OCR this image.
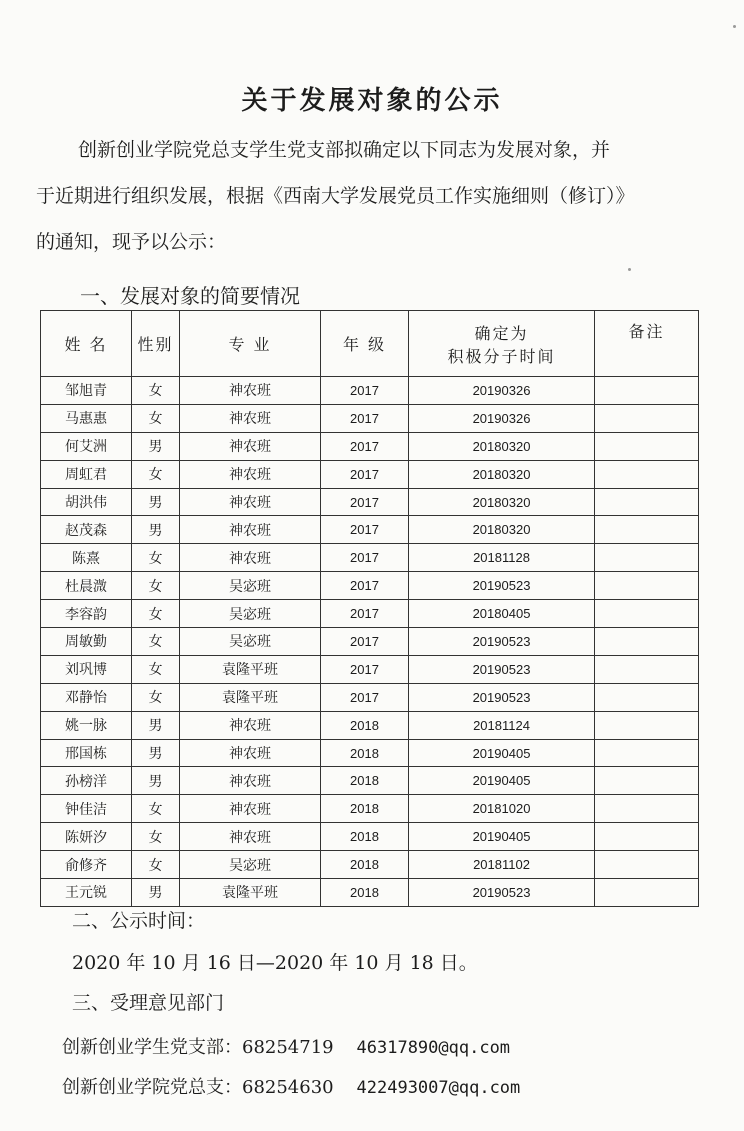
关于发展对象的公示
创新创业学院党总支学生党支部拟确定以下同志为发展对象，并
于近期进行组织发展，根据《西南大学发展党员工作实施细则（修订）》
的通知，现予以公示：
一、发展对象的简要情况
姓 名	性别	专 业	年 级	确定为
积极分子时间	备注
邹旭青	女	神农班	2017	20190326	
马惠惠	女	神农班	2017	20190326	
何艾洲	男	神农班	2017	20180320	
周虹君	女	神农班	2017	20180320	
胡洪伟	男	神农班	2017	20180320	
赵茂森	男	神农班	2017	20180320	
陈熹	女	神农班	2017	20181128	
杜晨溦	女	吴宓班	2017	20190523	
李容韵	女	吴宓班	2017	20180405	
周敏勤	女	吴宓班	2017	20190523	
刘巩博	女	袁隆平班	2017	20190523	
邓静怡	女	袁隆平班	2017	20190523	
姚一脉	男	神农班	2018	20181124	
邢国栋	男	神农班	2018	20190405	
孙榜洋	男	神农班	2018	20190405	
钟佳洁	女	神农班	2018	20181020	
陈妍汐	女	神农班	2018	20190405	
俞修齐	女	吴宓班	2018	20181102	
王元锐	男	袁隆平班	2018	20190523	
二、公示时间：
2020 年 10 月 16 日—2020 年 10 月 18 日。
三、受理意见部门
创新创业学生党支部：68254719 46317890@qq.com
创新创业学院党总支：68254630 422493007@qq.com
